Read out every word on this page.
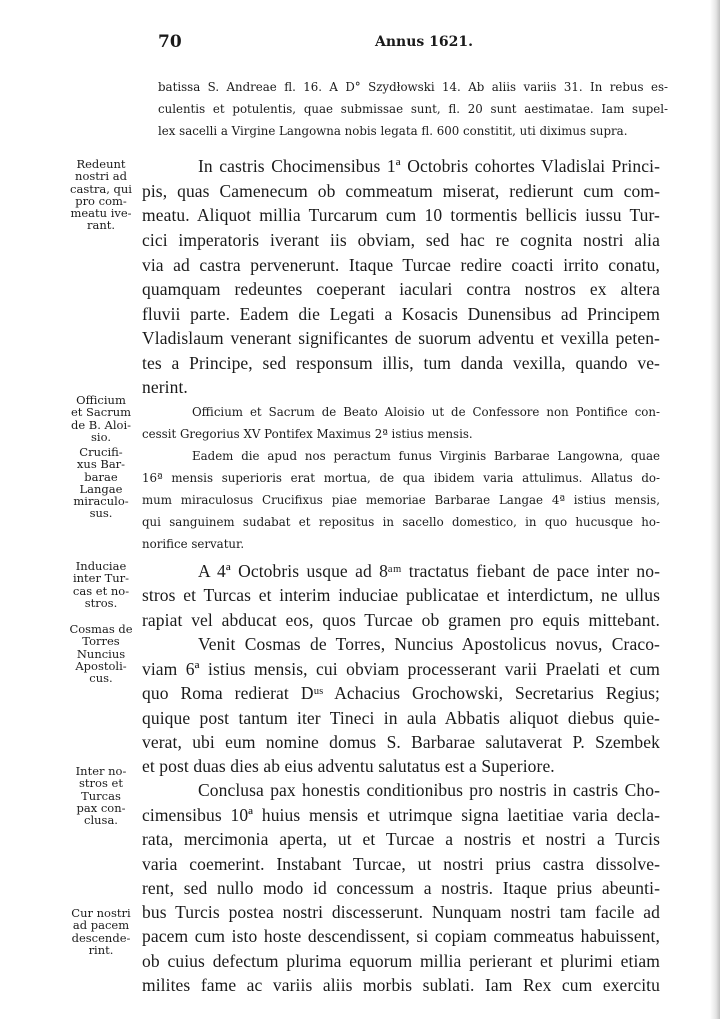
70	Annus 1621.
batissa S. Andreae fl. 16. A D° Szydłowski 14. Ab aliis variis 31. In rebus es-
culentis et potulentis, quae submissae sunt, fl. 20 sunt aestimatae. Iam supel-
lex sacelli a Virgine Langowna nobis legata fl. 600 constitit, uti diximus supra.
Redeunt
nostri ad
castra, qui
pro com-
meatu ive-
rant.
In castris Chocimensibus 1ª Octobris cohortes Vladislai Princi-
pis, quas Camenecum ob commeatum miserat, redierunt cum com-
meatu. Aliquot millia Turcarum cum 10 tormentis bellicis iussu Tur-
cici imperatoris iverant iis obviam, sed hac re cognita nostri alia
via ad castra pervenerunt. Itaque Turcae redire coacti irrito conatu,
quamquam redeuntes coeperant iaculari contra nostros ex altera
fluvii parte. Eadem die Legati a Kosacis Dunensibus ad Principem
Vladislaum venerant significantes de suorum adventu et vexilla peten-
tes a Principe, sed responsum illis, tum danda vexilla, quando ve-
nerint.
Officium
et Sacrum
de B. Aloi-
sio.
Officium et Sacrum de Beato Aloisio ut de Confessore non Pontifice con-
cessit Gregorius XV Pontifex Maximus 2ª istius mensis.
Crucifi-
xus Bar-
barae
Langae
miraculo-
sus.
Eadem die apud nos peractum funus Virginis Barbarae Langowna, quae
16ª mensis superioris erat mortua, de qua ibidem varia attulimus. Allatus do-
mum miraculosus Crucifixus piae memoriae Barbarae Langae 4ª istius mensis,
qui sanguinem sudabat et repositus in sacello domestico, in quo hucusque ho-
norifice servatur.
Induciae
inter Tur-
cas et no-
stros.
A 4ª Octobris usque ad 8ᵃᵐ tractatus fiebant de pace inter no-
stros et Turcas et interim induciae publicatae et interdictum, ne ullus
rapiat vel abducat eos, quos Turcae ob gramen pro equis mittebant.
Cosmas de
Torres
Nuncius
Apostoli-
cus.
Venit Cosmas de Torres, Nuncius Apostolicus novus, Craco-
viam 6ª istius mensis, cui obviam processerant varii Praelati et cum
quo Roma redierat Dᵘˢ Achacius Grochowski, Secretarius Regius;
quique post tantum iter Tineci in aula Abbatis aliquot diebus quie-
verat, ubi eum nomine domus S. Barbarae salutaverat P. Szembek
et post duas dies ab eius adventu salutatus est a Superiore.
Inter no-
stros et
Turcas
pax con-
clusa.
Conclusa pax honestis conditionibus pro nostris in castris Cho-
cimensibus 10ª huius mensis et utrimque signa laetitiae varia decla-
rata, mercimonia aperta, ut et Turcae a nostris et nostri a Turcis
varia coemerint. Instabant Turcae, ut nostri prius castra dissolve-
rent, sed nullo modo id concessum a nostris. Itaque prius abeunti-
bus Turcis postea nostri discesserunt. Nunquam nostri tam facile ad
Cur nostri
ad pacem
descende-
rint.
pacem cum isto hoste descendissent, si copiam commeatus habuissent,
ob cuius defectum plurima equorum millia perierant et plurimi etiam
milites fame ac variis aliis morbis sublati. Iam Rex cum exercitu
